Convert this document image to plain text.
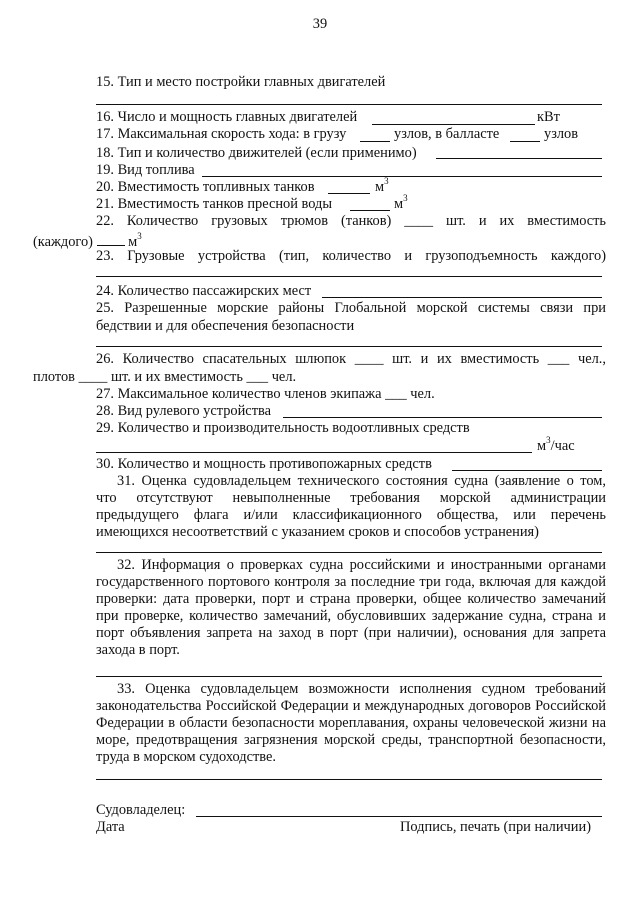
39
15. Тип и место постройки главных двигателей
16. Число и мощность главных двигателей	кВт
17. Максимальная скорость хода: в грузу	узлов, в балласте	узлов
18. Тип и количество движителей (если применимо)
19. Вид топлива
20. Вместимость топливных танков	$м^3$
21. Вместимость танков пресной воды	$м^3$
22. Количество грузовых трюмов (танков) ____ шт. и их вместимость
(каждого) $м^3$
23. Грузовые устройства (тип, количество и грузоподъемность каждого)
24. Количество пассажирских мест
25. Разрешенные морские районы Глобальной морской системы связи при
бедствии и для обеспечения безопасности
26. Количество спасательных шлюпок ____ шт. и их вместимость ___ чел.,
плотов ____ шт. и их вместимость ___ чел.
27. Максимальное количество членов экипажа ___ чел.
28. Вид рулевого устройства
29. Количество и производительность водоотливных средств
$м^3$/час
30. Количество и мощность противопожарных средств
31. Оценка судовладельцем технического состояния судна (заявление о том, что отсутствуют невыполненные требования морской администрации предыдущего флага и/или классификационного общества, или перечень имеющихся несоответствий с указанием сроков и способов устранения)
32. Информация о проверках судна российскими и иностранными органами государственного портового контроля за последние три года, включая для каждой проверки: дата проверки, порт и страна проверки, общее количество замечаний при проверке, количество замечаний, обусловивших задержание судна, страна и порт объявления запрета на заход в порт (при наличии), основания для запрета захода в порт.
33. Оценка судовладельцем возможности исполнения судном требований законодательства Российской Федерации и международных договоров Российской Федерации в области безопасности мореплавания, охраны человеческой жизни на море, предотвращения загрязнения морской среды, транспортной безопасности, труда в морском судоходстве.
Судовладелец:
Дата	Подпись, печать (при наличии)
